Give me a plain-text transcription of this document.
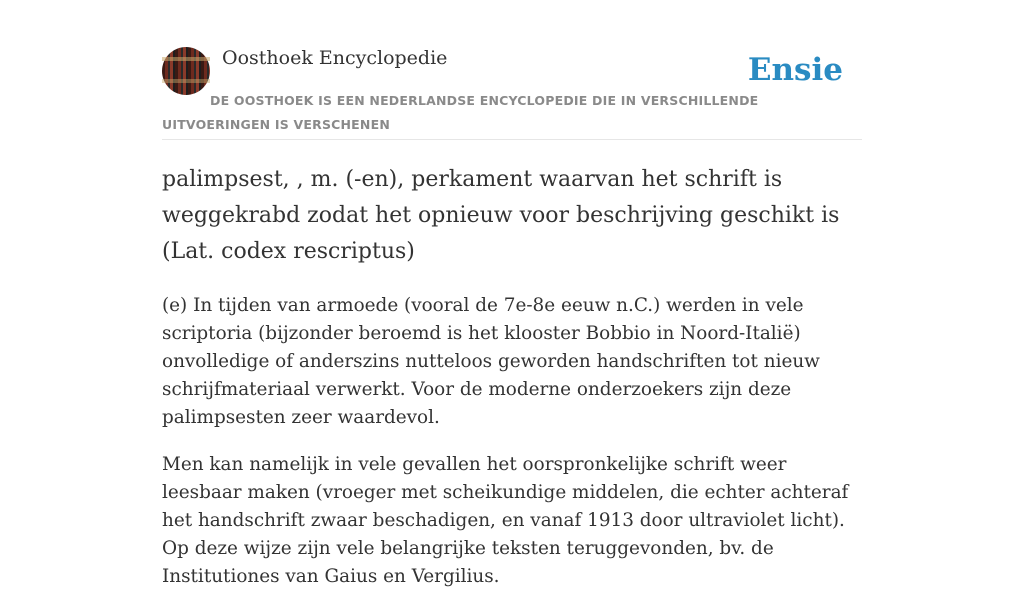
Oosthoek Encyclopedie	Ensie
DE OOSTHOEK IS EEN NEDERLANDSE ENCYCLOPEDIE DIE IN VERSCHILLENDE UITVOERINGEN IS VERSCHENEN
palimpsest, , m. (-en), perkament waarvan het schrift is weggekrabd zodat het opnieuw voor beschrijving geschikt is (Lat. codex rescriptus)

(e) In tijden van armoede (vooral de 7e-8e eeuw n.C.) werden in vele scriptoria (bijzonder beroemd is het klooster Bobbio in Noord-Italië) onvolledige of anderszins nutteloos geworden handschriften tot nieuw schrijfmateriaal verwerkt. Voor de moderne onderzoekers zijn deze palimpsesten zeer waardevol.

Men kan namelijk in vele gevallen het oorspronkelijke schrift weer leesbaar maken (vroeger met scheikundige middelen, die echter achteraf het handschrift zwaar beschadigen, en vanaf 1913 door ultraviolet licht). Op deze wijze zijn vele belangrijke teksten teruggevonden, bv. de Institutiones van Gaius en Vergilius.
